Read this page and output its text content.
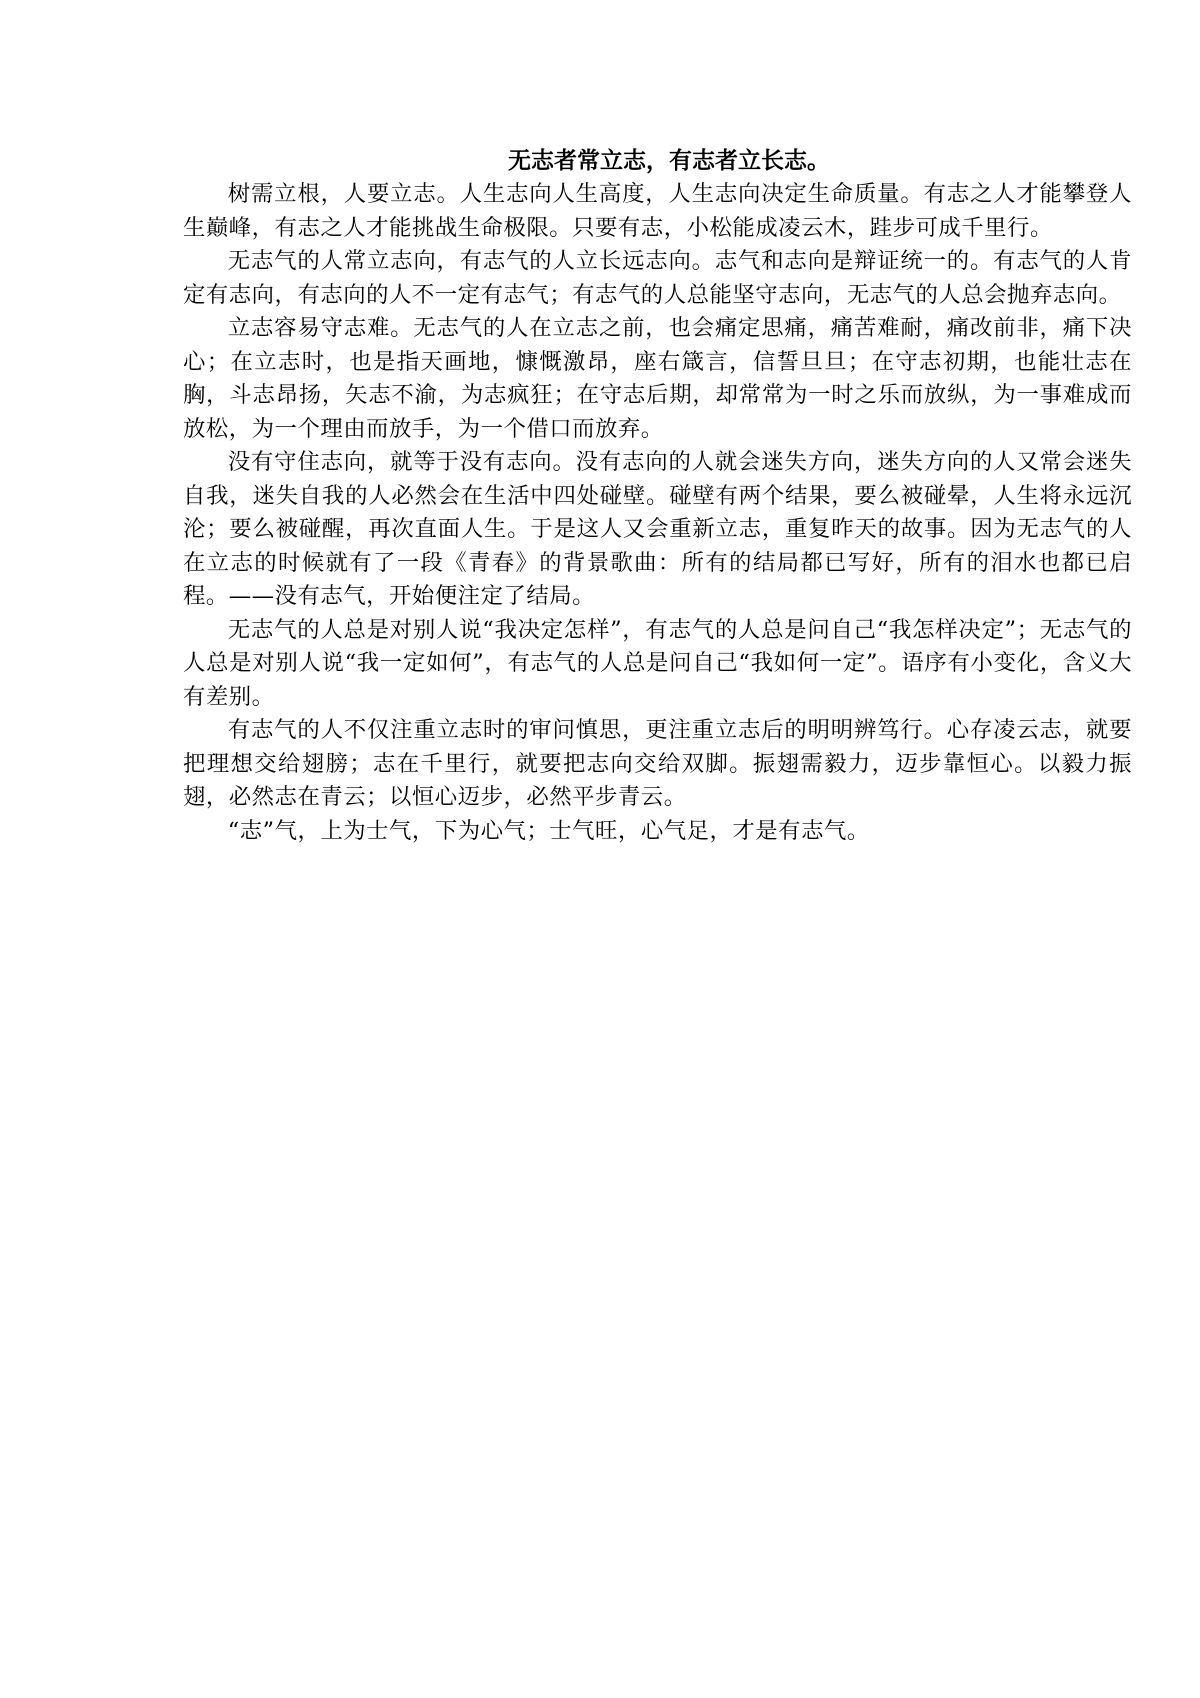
无志者常立志，有志者立长志。

树需立根，人要立志。人生志向人生高度，人生志向决定生命质量。有志之人才能攀登人生巅峰，有志之人才能挑战生命极限。只要有志，小松能成凌云木，跬步可成千里行。

无志气的人常立志向，有志气的人立长远志向。志气和志向是辩证统一的。有志气的人肯定有志向，有志向的人不一定有志气；有志气的人总能坚守志向，无志气的人总会抛弃志向。

立志容易守志难。无志气的人在立志之前，也会痛定思痛，痛苦难耐，痛改前非，痛下决心；在立志时，也是指天画地，慷慨激昂，座右箴言，信誓旦旦；在守志初期，也能壮志在胸，斗志昂扬，矢志不渝，为志疯狂；在守志后期，却常常为一时之乐而放纵，为一事难成而放松，为一个理由而放手，为一个借口而放弃。

没有守住志向，就等于没有志向。没有志向的人就会迷失方向，迷失方向的人又常会迷失自我，迷失自我的人必然会在生活中四处碰壁。碰壁有两个结果，要么被碰晕，人生将永远沉沦；要么被碰醒，再次直面人生。于是这人又会重新立志，重复昨天的故事。因为无志气的人在立志的时候就有了一段《青春》的背景歌曲：所有的结局都已写好，所有的泪水也都已启程。——没有志气，开始便注定了结局。

无志气的人总是对别人说“我决定怎样”，有志气的人总是问自己“我怎样决定”；无志气的人总是对别人说“我一定如何”，有志气的人总是问自己“我如何一定”。语序有小变化，含义大有差别。

有志气的人不仅注重立志时的审问慎思，更注重立志后的明明辨笃行。心存凌云志，就要把理想交给翅膀；志在千里行，就要把志向交给双脚。振翅需毅力，迈步靠恒心。以毅力振翅，必然志在青云；以恒心迈步，必然平步青云。

“志”气，上为士气，下为心气；士气旺，心气足，才是有志气。
